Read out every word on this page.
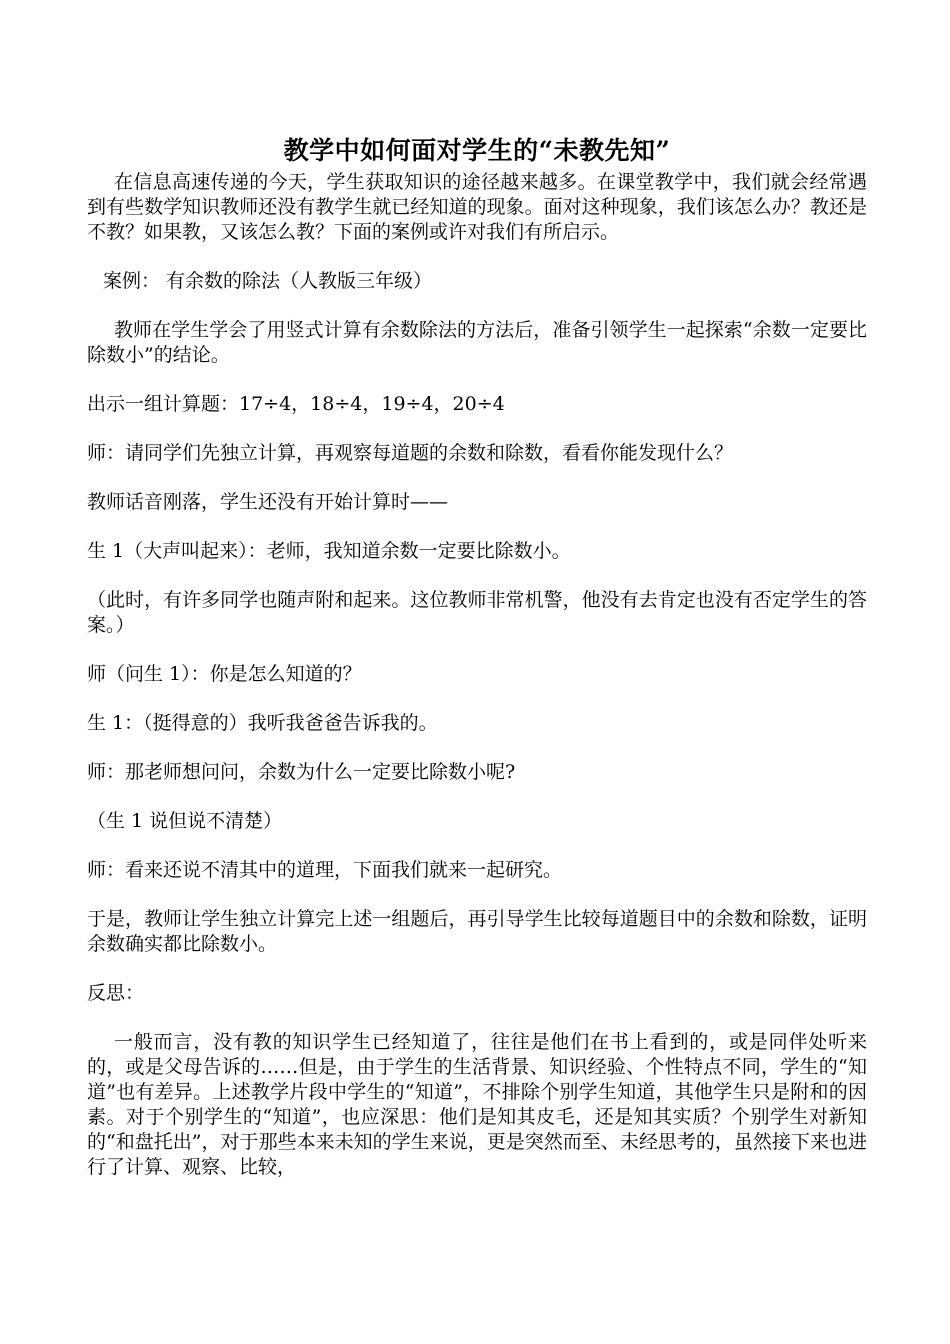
教学中如何面对学生的“未教先知”

在信息高速传递的今天，学生获取知识的途径越来越多。在课堂教学中，我们就会经常遇到有些数学知识教师还没有教学生就已经知道的现象。面对这种现象，我们该怎么办？教还是不教？如果教，又该怎么教？下面的案例或许对我们有所启示。

案例： 有余数的除法（人教版三年级）

教师在学生学会了用竖式计算有余数除法的方法后，准备引领学生一起探索“余数一定要比除数小”的结论。

出示一组计算题：17÷4，18÷4，19÷4，20÷4

师：请同学们先独立计算，再观察每道题的余数和除数，看看你能发现什么？

教师话音刚落，学生还没有开始计算时——

生 1（大声叫起来）：老师，我知道余数一定要比除数小。

（此时，有许多同学也随声附和起来。这位教师非常机警，他没有去肯定也没有否定学生的答案。）

师（问生 1）：你是怎么知道的？

生 1：（挺得意的）我听我爸爸告诉我的。

师：那老师想问问，余数为什么一定要比除数小呢?

（生 1 说但说不清楚）

师：看来还说不清其中的道理，下面我们就来一起研究。

于是，教师让学生独立计算完上述一组题后，再引导学生比较每道题目中的余数和除数，证明余数确实都比除数小。

反思：

一般而言，没有教的知识学生已经知道了，往往是他们在书上看到的，或是同伴处听来的，或是父母告诉的……但是，由于学生的生活背景、知识经验、个性特点不同，学生的“知道”也有差异。上述教学片段中学生的“知道”，不排除个别学生知道，其他学生只是附和的因素。对于个别学生的“知道”，也应深思：他们是知其皮毛，还是知其实质？个别学生对新知的“和盘托出”，对于那些本来未知的学生来说，更是突然而至、未经思考的，虽然接下来也进行了计算、观察、比较，
